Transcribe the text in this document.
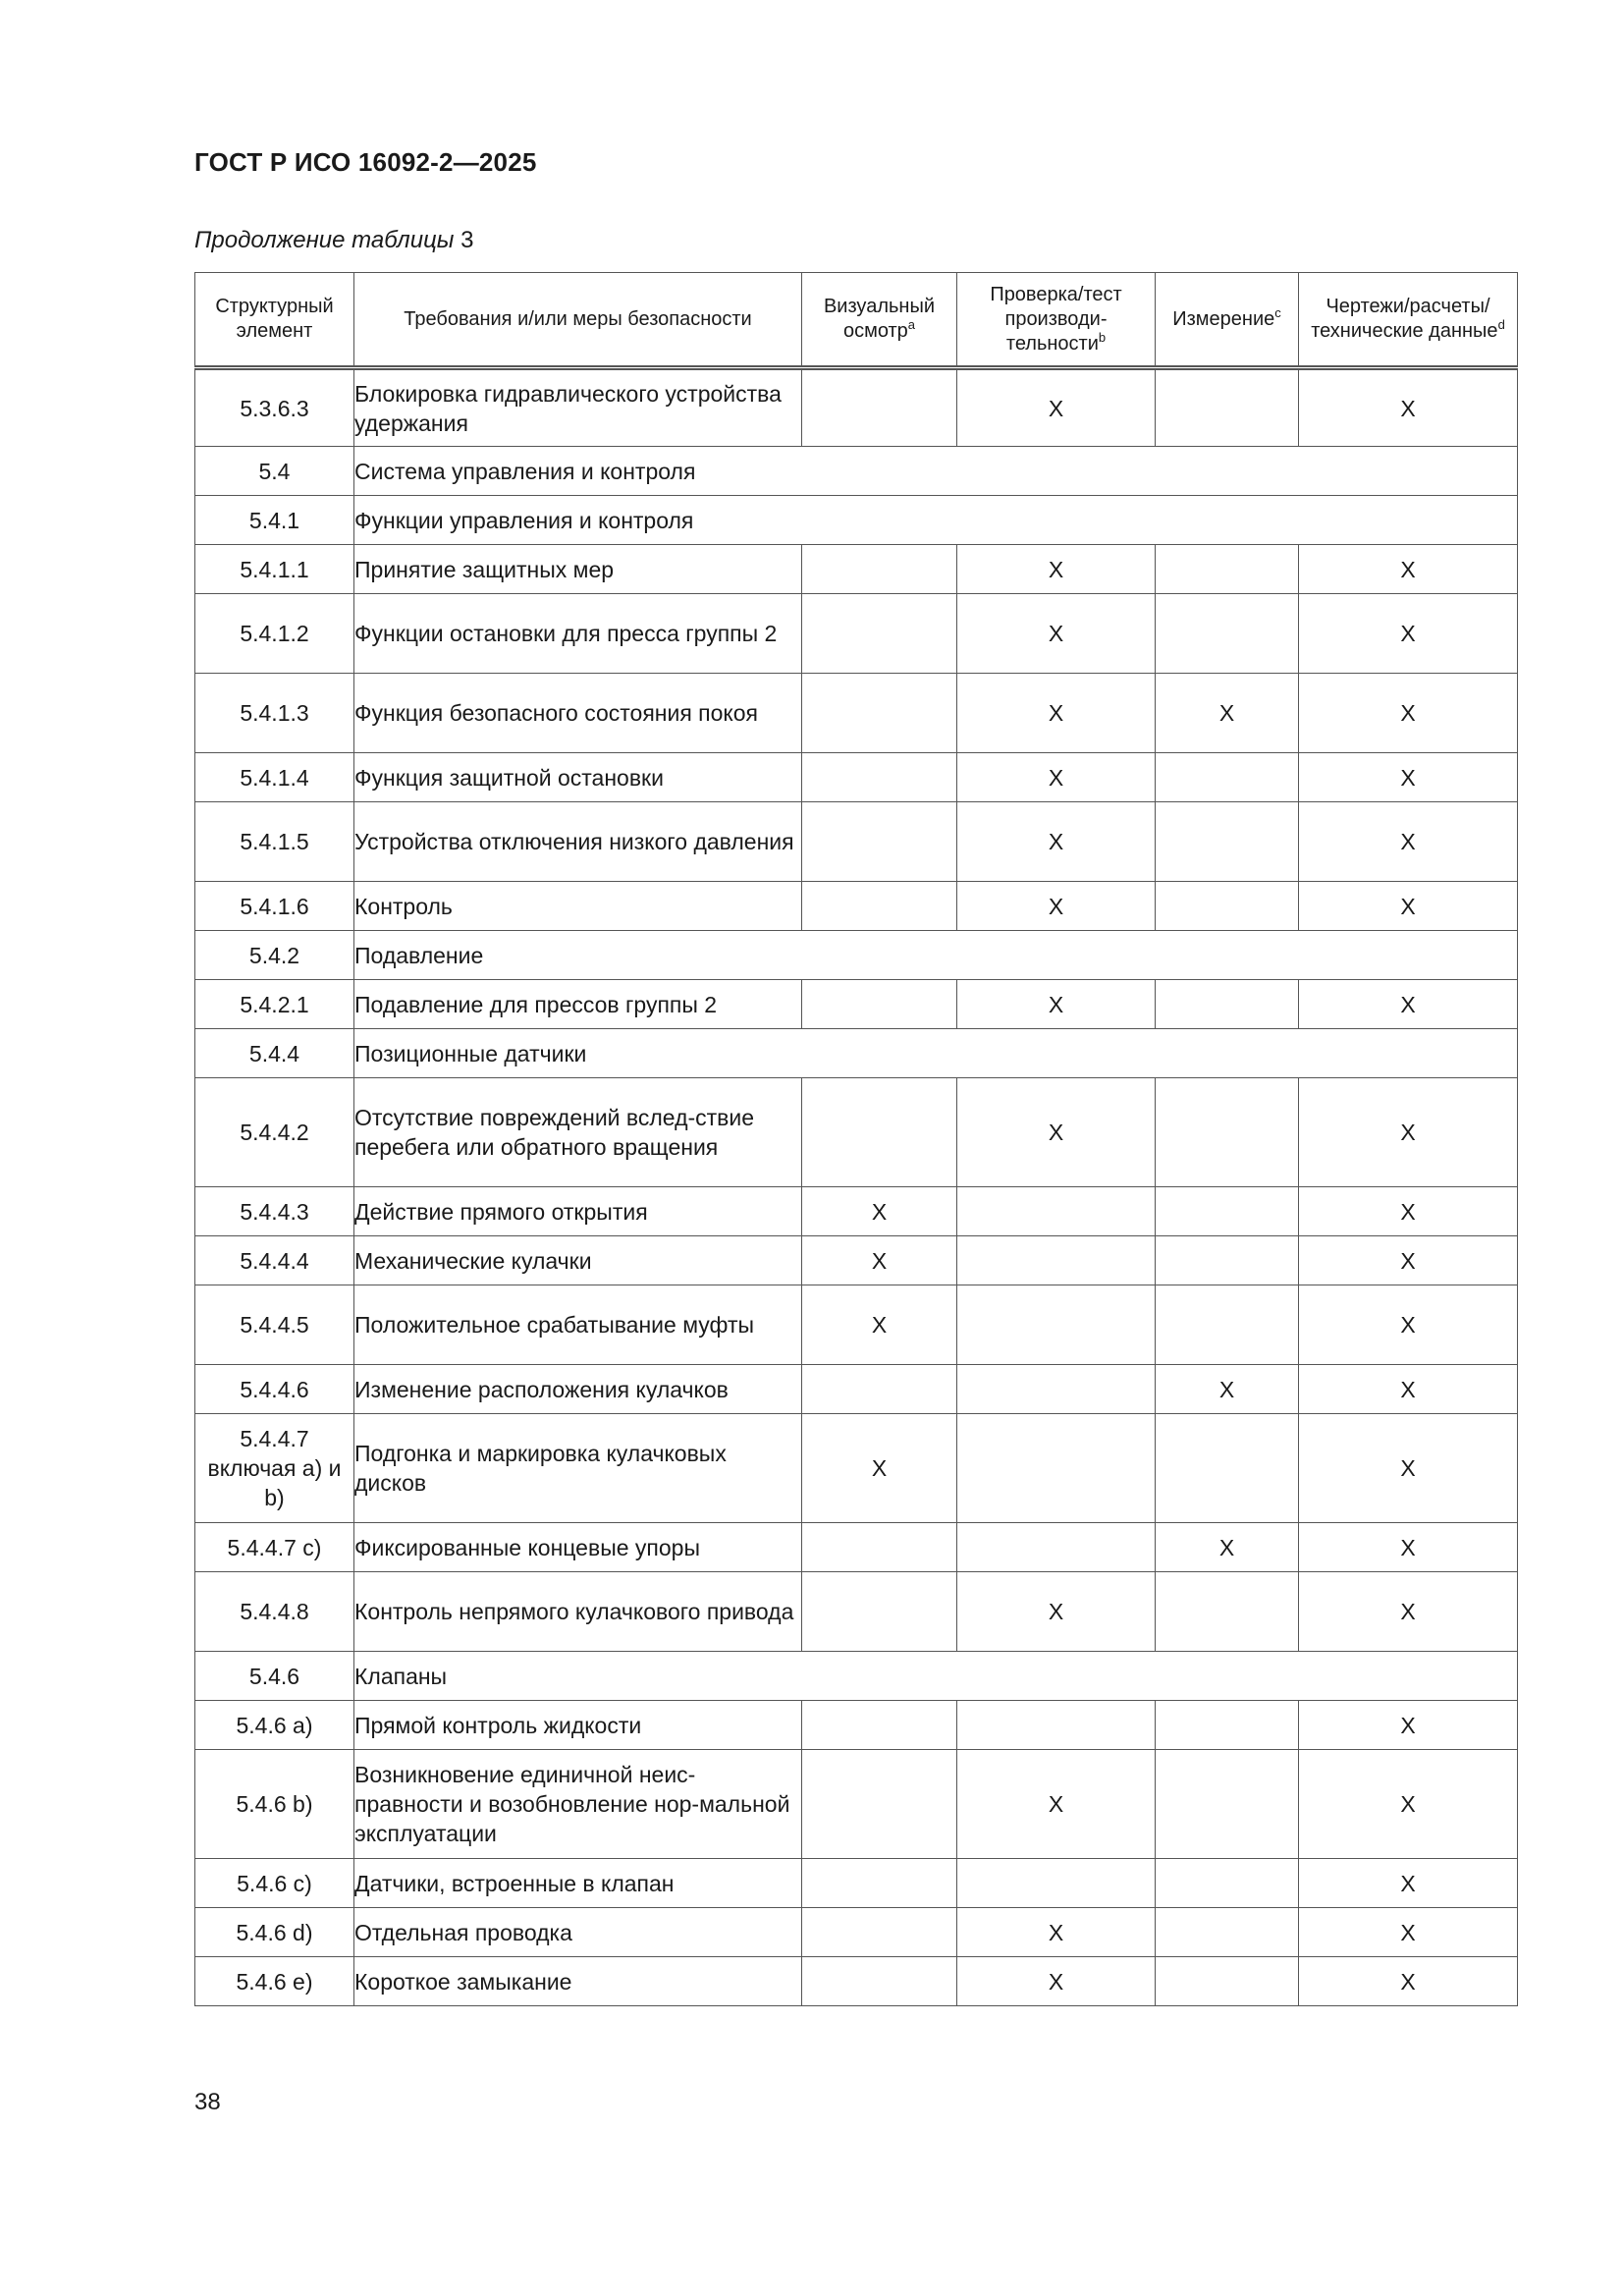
ГОСТ Р ИСО 16092-2—2025
Продолжение таблицы 3
Структурный элемент	Требования и/или меры безопасности	Визуальный осмотр$^a$	Проверка/тест производи-тельности$^b$	Измерение$^c$	Чертежи/расчеты/ технические данные$^d$
5.3.6.3	Блокировка гидравлического устройства удержания		X		X
5.4	Система управления и контроля				
5.4.1	Функции управления и контроля				
5.4.1.1	Принятие защитных мер		X		X
5.4.1.2	Функции остановки для пресса группы 2		X		X
5.4.1.3	Функция безопасного состояния покоя		X	X	X
5.4.1.4	Функция защитной остановки		X		X
5.4.1.5	Устройства отключения низкого давления		X		X
5.4.1.6	Контроль		X		X
5.4.2	Подавление				
5.4.2.1	Подавление для прессов группы 2		X		X
5.4.4	Позиционные датчики				
5.4.4.2	Отсутствие повреждений вслед-ствие перебега или обратного вращения		X		X
5.4.4.3	Действие прямого открытия	X			X
5.4.4.4	Механические кулачки	X			X
5.4.4.5	Положительное срабатывание муфты	X			X
5.4.4.6	Изменение расположения кулачков			X	X
5.4.4.7 включая a) и b)	Подгонка и маркировка кулачковых дисков	X			X
5.4.4.7 c)	Фиксированные концевые упоры			X	X
5.4.4.8	Контроль непрямого кулачкового привода		X		X
5.4.6	Клапаны				
5.4.6 a)	Прямой контроль жидкости				X
5.4.6 b)	Возникновение единичной неис-правности и возобновление нор-мальной эксплуатации		X		X
5.4.6 c)	Датчики, встроенные в клапан				X
5.4.6 d)	Отдельная проводка		X		X
5.4.6 e)	Короткое замыкание		X		X
38
